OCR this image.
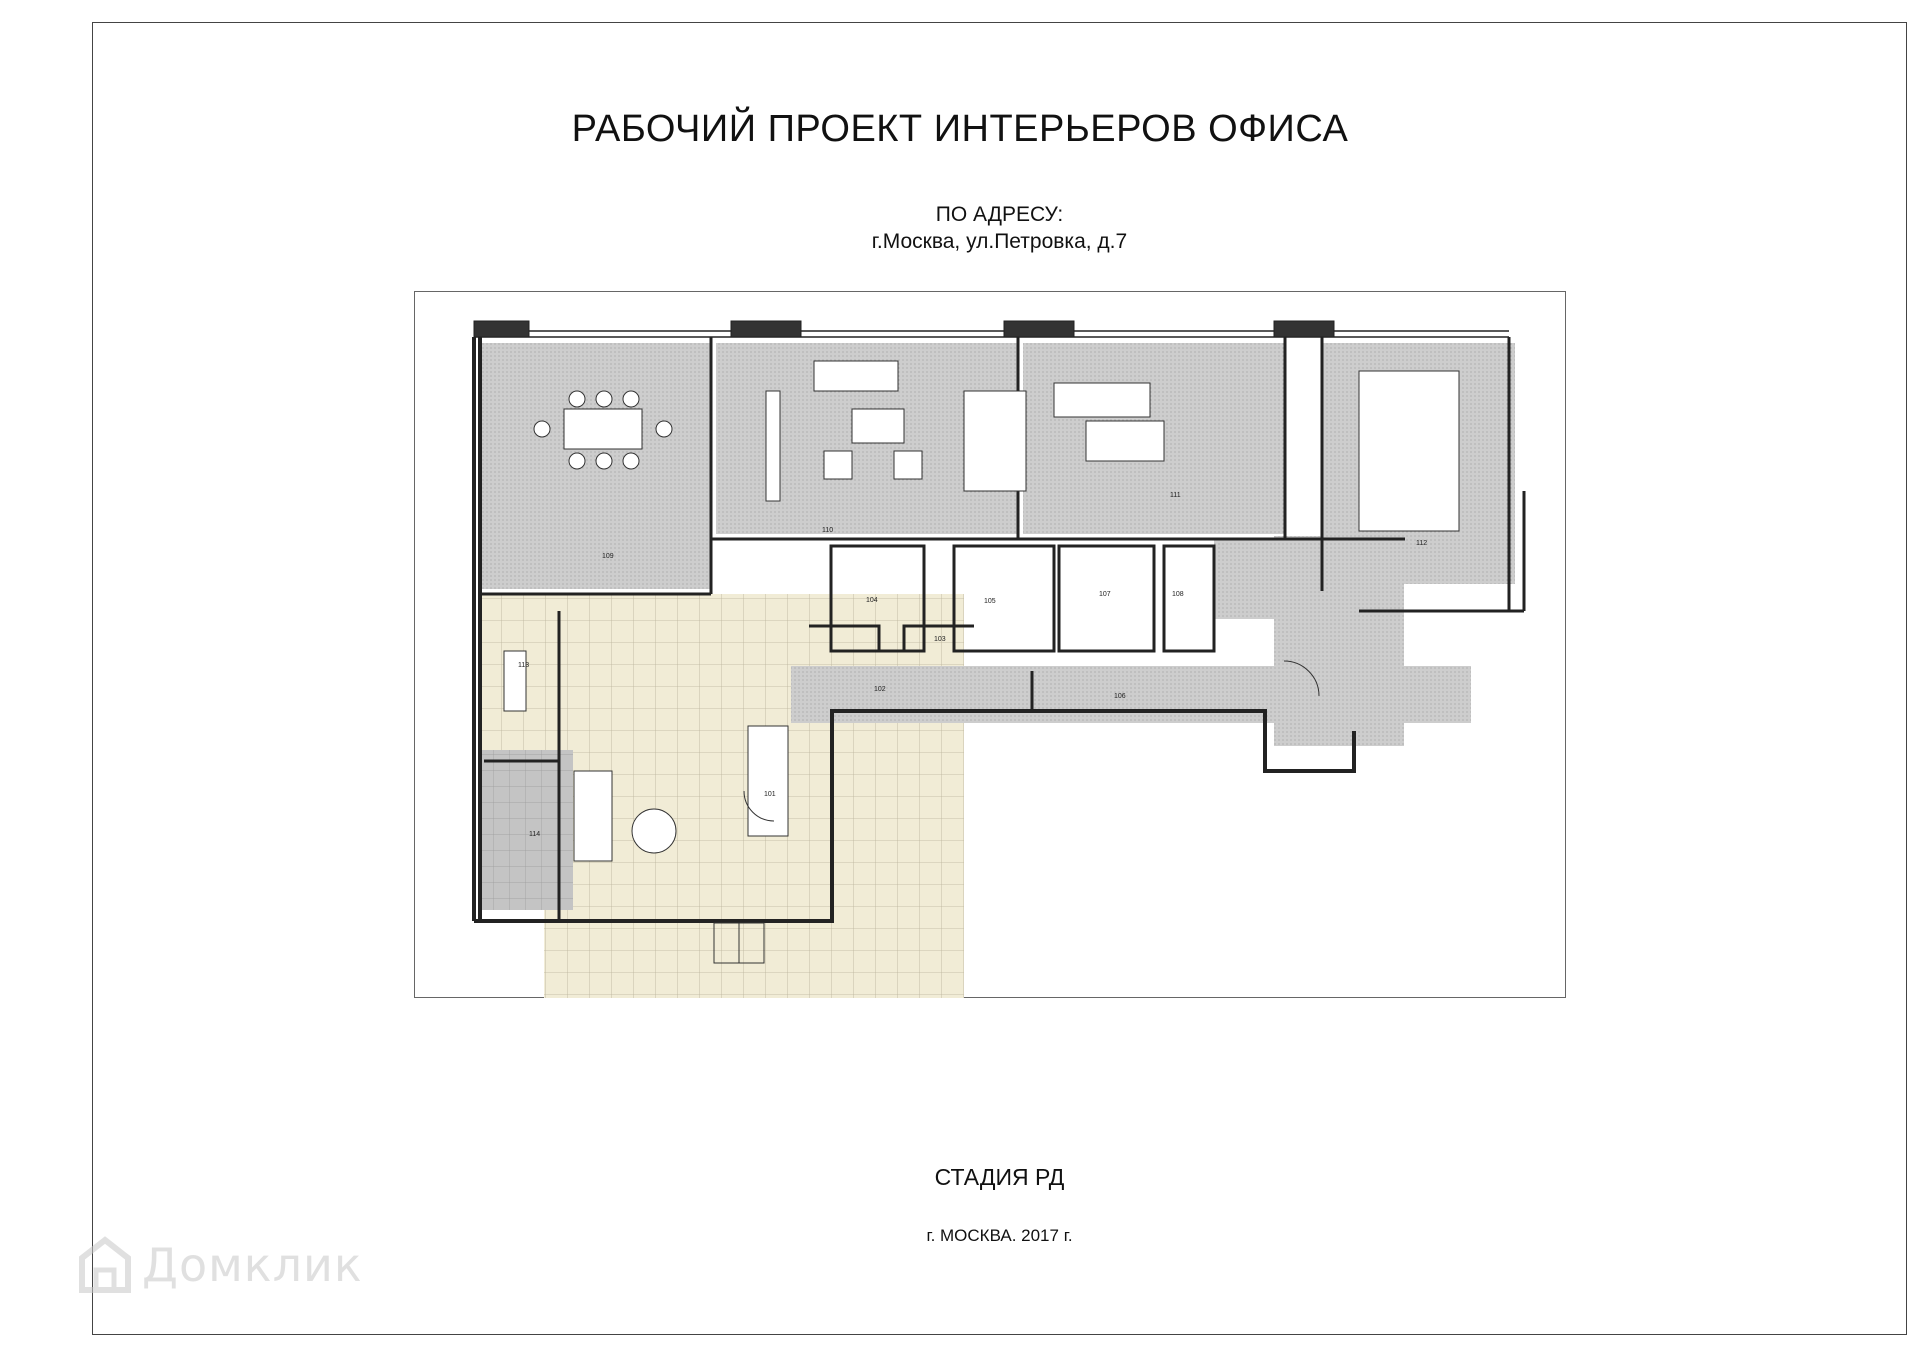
РАБОЧИЙ ПРОЕКТ ИНТЕРЬЕРОВ ОФИСА
ПО АДРЕСУ:
г.Москва, ул.Петровка, д.7
101
102
103
104	105
106
107	108
109
110
111
112
113
114
СТАДИЯ РД
г. МОСКВА. 2017 г.
Домклик
